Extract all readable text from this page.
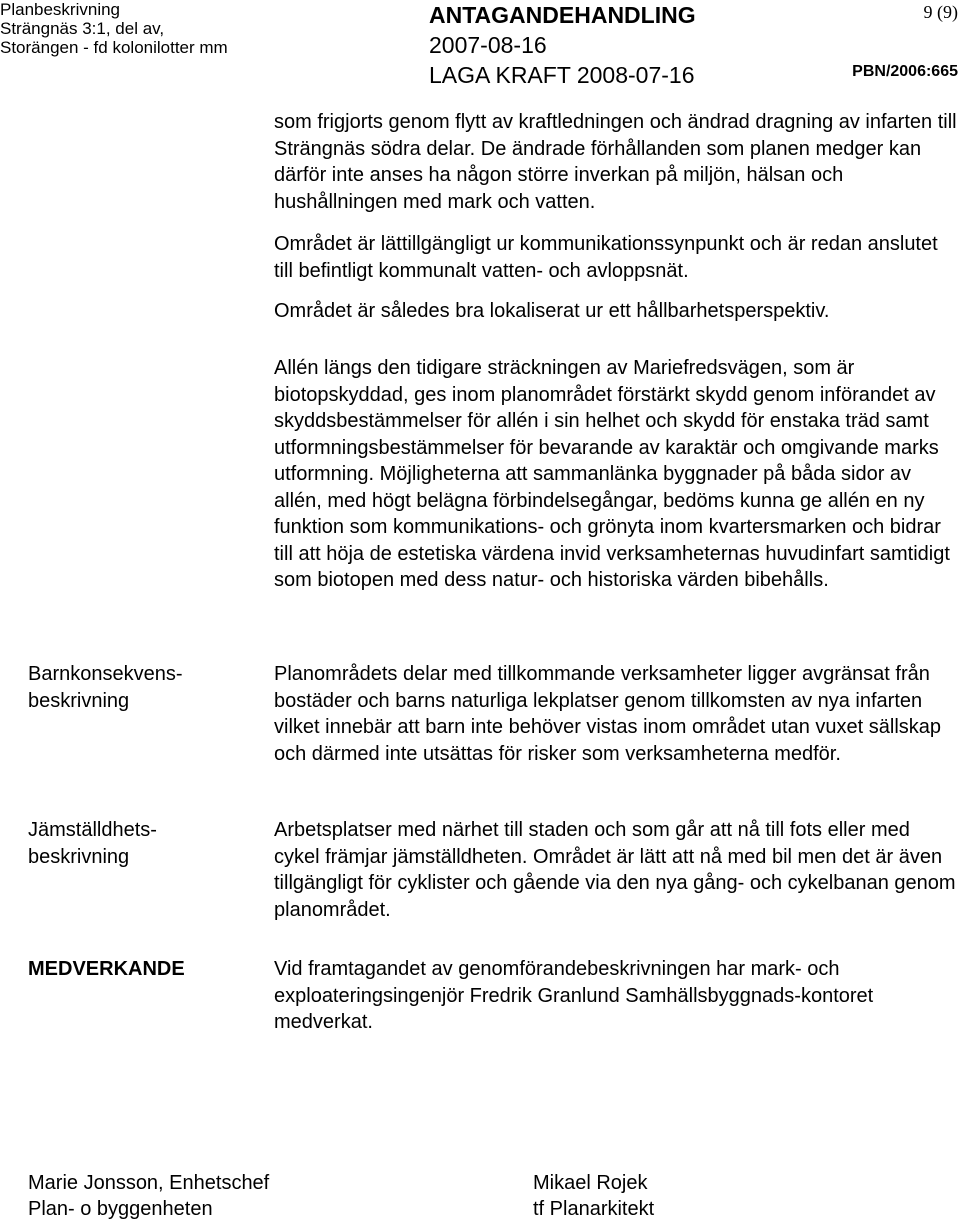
Planbeskrivning
Strängnäs 3:1, del av,
Storängen - fd kolonilotter mm
ANTAGANDEHANDLING
2007-08-16
LAGA KRAFT 2008-07-16
9 (9)
PBN/2006:665

som frigjorts genom flytt av kraftledningen och ändrad dragning av infarten till Strängnäs södra delar. De ändrade förhållanden som planen medger kan därför inte anses ha någon större inverkan på miljön, hälsan och hushållningen med mark och vatten.

Området är lättillgängligt ur kommunikationssynpunkt och är redan anslutet till befintligt kommunalt vatten- och avloppsnät.

Området är således bra lokaliserat ur ett hållbarhetsperspektiv.

Allén längs den tidigare sträckningen av Mariefredsvägen, som är biotopskyddad, ges inom planområdet förstärkt skydd genom införandet av skyddsbestämmelser för allén i sin helhet och skydd för enstaka träd samt utformningsbestämmelser för bevarande av karaktär och omgivande marks utformning. Möjligheterna att sammanlänka byggnader på båda sidor av allén, med högt belägna förbindelsegångar, bedöms kunna ge allén en ny funktion som kommunikations- och grönyta inom kvartersmarken och bidrar till att höja de estetiska värdena invid verksamheternas huvudinfart samtidigt som biotopen med dess natur- och historiska värden bibehålls.

Planområdets delar med tillkommande verksamheter ligger avgränsat från bostäder och barns naturliga lekplatser genom tillkomsten av nya infarten vilket innebär att barn inte behöver vistas inom området utan vuxet sällskap och därmed inte utsättas för risker som verksamheterna medför.

Arbetsplatser med närhet till staden och som går att nå till fots eller med cykel främjar jämställdheten. Området är lätt att nå med bil men det är även tillgängligt för cyklister och gående via den nya gång- och cykelbanan genom planområdet.

Vid framtagandet av genomförandebeskrivningen har mark- och exploateringsingenjör Fredrik Granlund Samhällsbyggnads-kontoret medverkat.

Barnkonsekvens-
beskrivning
Jämställdhets-
beskrivning
MEDVERKANDE
Marie Jonsson, Enhetschef
Plan- o byggenheten
Mikael Rojek
tf Planarkitekt
